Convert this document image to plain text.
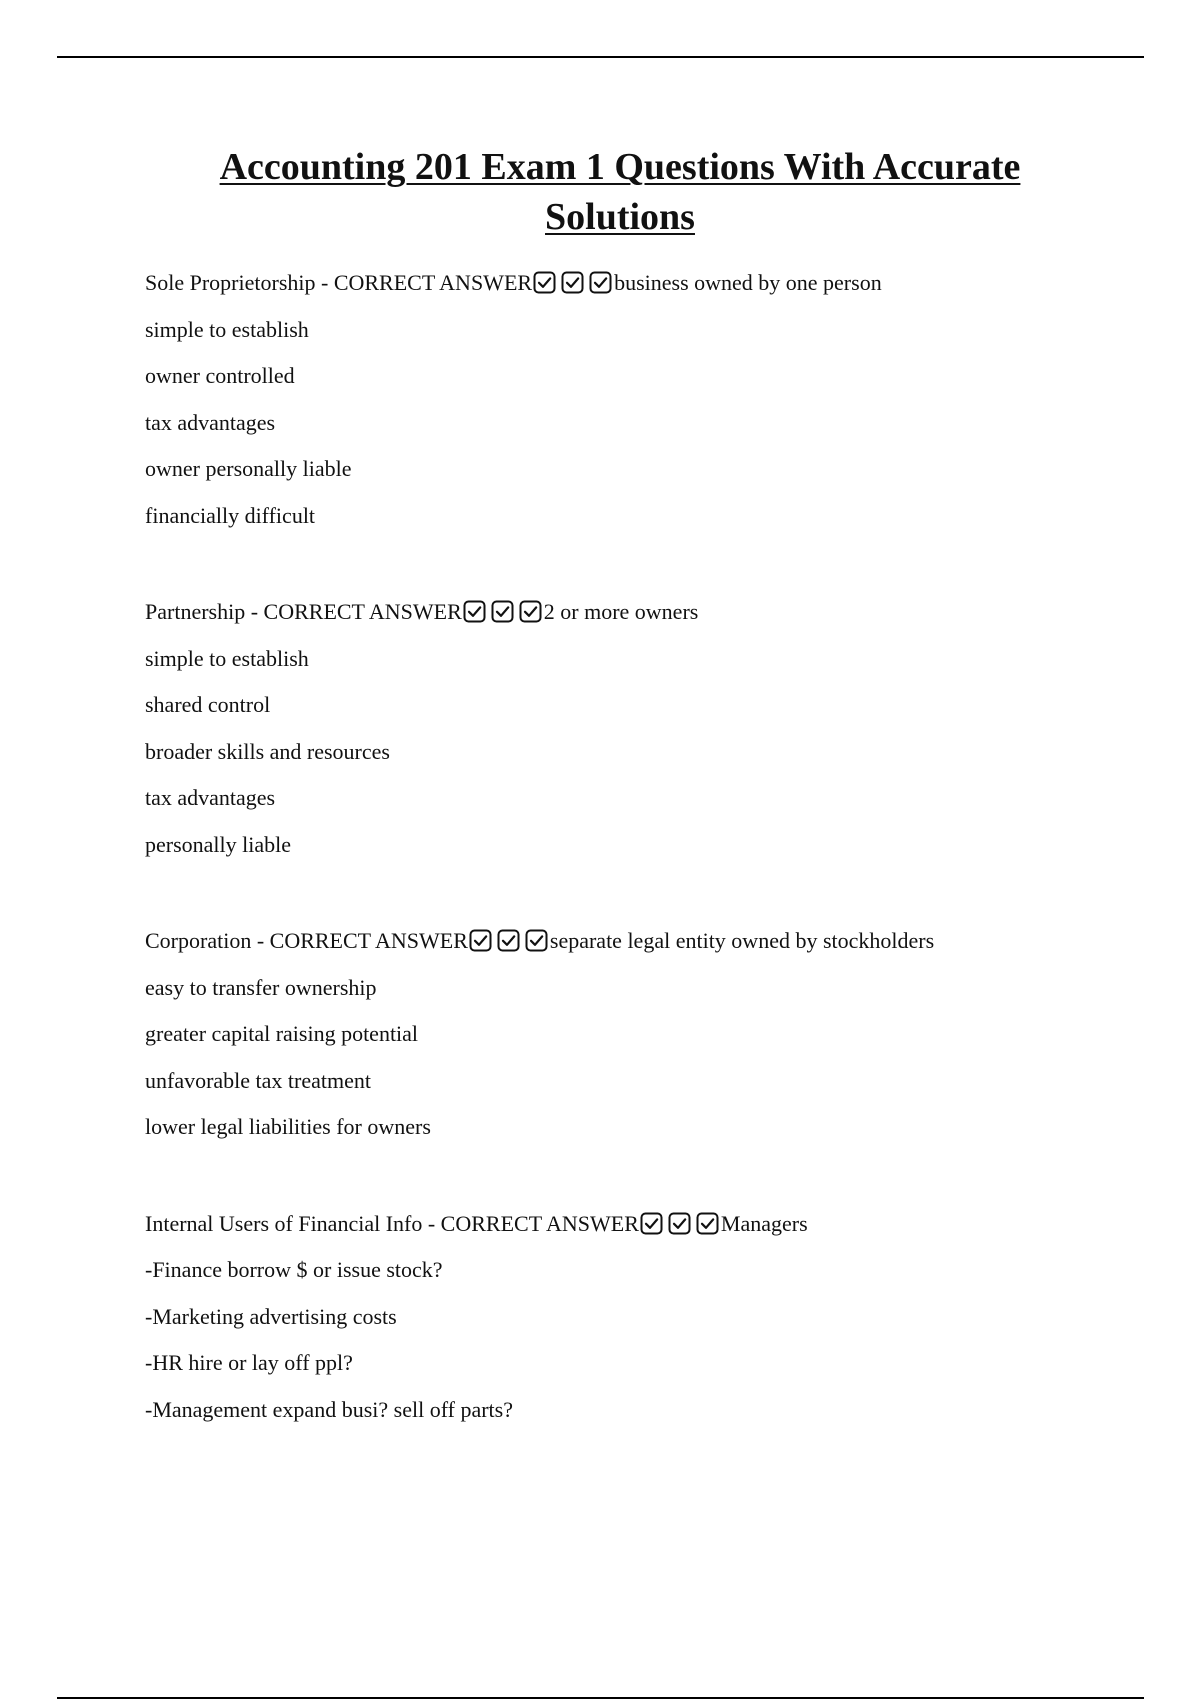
Accounting 201 Exam 1 Questions With Accurate Solutions
Sole Proprietorship - CORRECT ANSWER	business owned by one person
simple to establish
owner controlled
tax advantages
owner personally liable
financially difficult
Partnership - CORRECT ANSWER	2 or more owners
simple to establish
shared control
broader skills and resources
tax advantages
personally liable
Corporation - CORRECT ANSWER	separate legal entity owned by stockholders
easy to transfer ownership
greater capital raising potential
unfavorable tax treatment
lower legal liabilities for owners
Internal Users of Financial Info - CORRECT ANSWER	Managers
-Finance borrow $ or issue stock?
-Marketing advertising costs
-HR hire or lay off ppl?
-Management expand busi? sell off parts?
